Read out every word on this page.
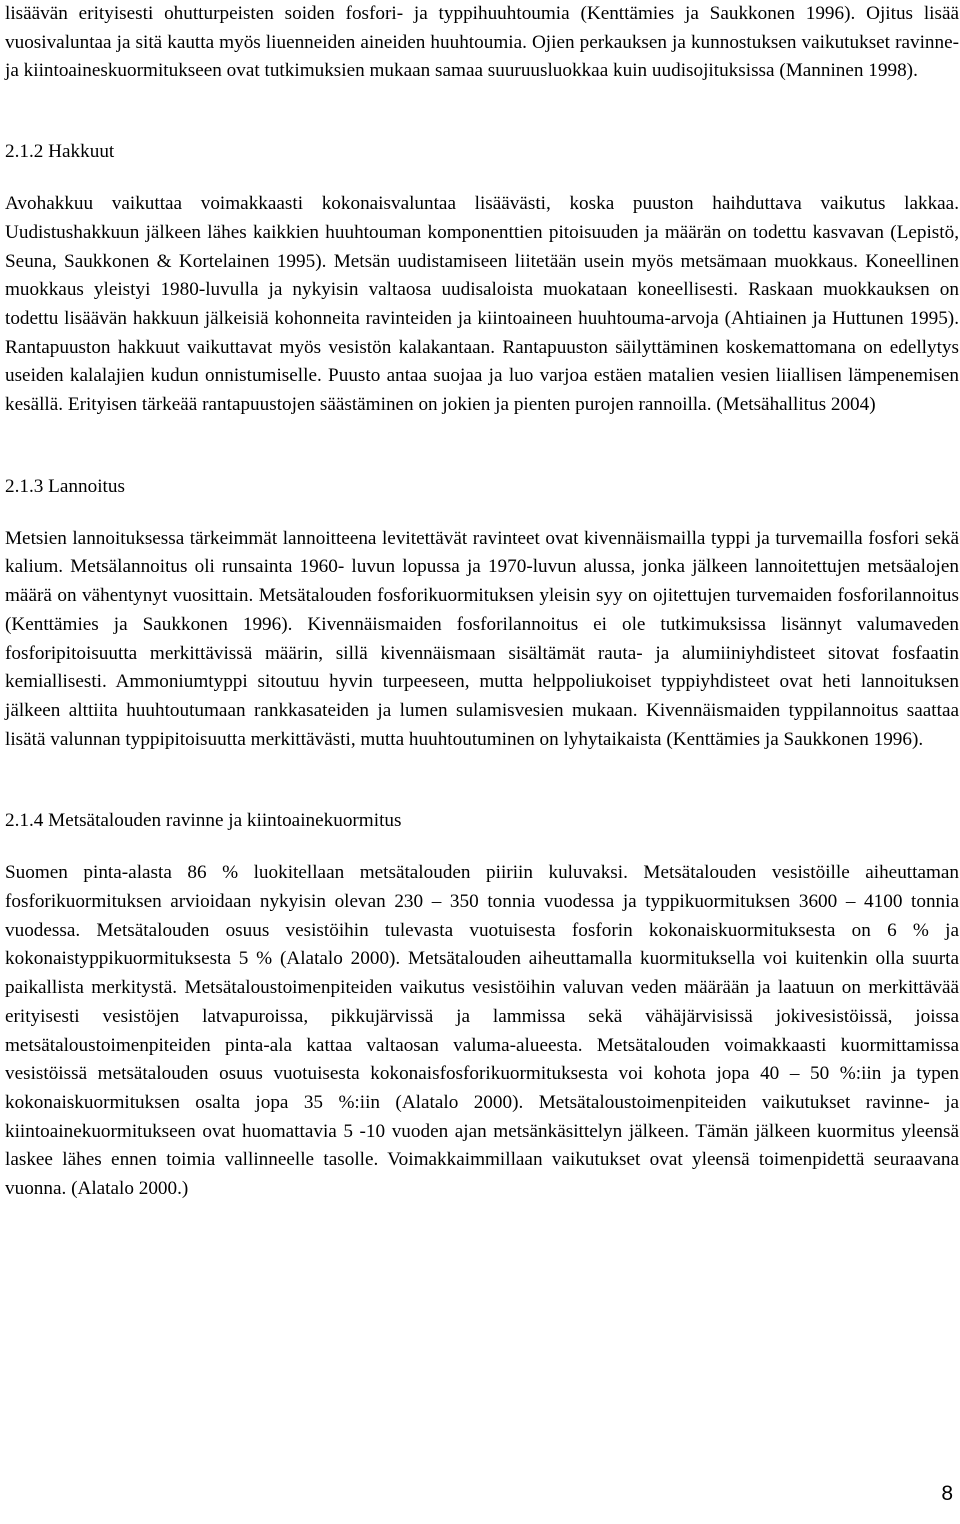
lisäävän erityisesti ohutturpeisten soiden fosfori- ja typpihuuhtoumia (Kenttämies ja Saukkonen 1996). Ojitus lisää vuosivaluntaa ja sitä kautta myös liuenneiden aineiden huuhtoumia. Ojien perkauksen ja kunnostuksen vaikutukset ravinne- ja kiintoaineskuormitukseen ovat tutkimuksien mukaan samaa suuruusluokkaa kuin uudisojituksissa (Manninen 1998).

2.1.2 Hakkuut

Avohakkuu vaikuttaa voimakkaasti kokonaisvaluntaa lisäävästi, koska puuston haihduttava vaikutus lakkaa. Uudistushakkuun jälkeen lähes kaikkien huuhtouman komponenttien pitoisuuden ja määrän on todettu kasvavan (Lepistö, Seuna, Saukkonen & Kortelainen 1995). Metsän uudistamiseen liitetään usein myös metsämaan muokkaus. Koneellinen muokkaus yleistyi 1980-luvulla ja nykyisin valtaosa uudisaloista muokataan koneellisesti. Raskaan muokkauksen on todettu lisäävän hakkuun jälkeisiä kohonneita ravinteiden ja kiintoaineen huuhtouma-arvoja (Ahtiainen ja Huttunen 1995). Rantapuuston hakkuut vaikuttavat myös vesistön kalakantaan. Rantapuuston säilyttäminen koskemattomana on edellytys useiden kalalajien kudun onnistumiselle. Puusto antaa suojaa ja luo varjoa estäen matalien vesien liiallisen lämpenemisen kesällä. Erityisen tärkeää rantapuustojen säästäminen on jokien ja pienten purojen rannoilla. (Metsähallitus 2004)

2.1.3 Lannoitus

Metsien lannoituksessa tärkeimmät lannoitteena levitettävät ravinteet ovat kivennäismailla typpi ja turvemailla fosfori sekä kalium. Metsälannoitus oli runsainta 1960- luvun lopussa ja 1970-luvun alussa, jonka jälkeen lannoitettujen metsäalojen määrä on vähentynyt vuosittain. Metsätalouden fosforikuormituksen yleisin syy on ojitettujen turvemaiden fosforilannoitus (Kenttämies ja Saukkonen 1996). Kivennäismaiden fosforilannoitus ei ole tutkimuksissa lisännyt valumaveden fosforipitoisuutta merkittävissä määrin, sillä kivennäismaan sisältämät rauta- ja alumiiniyhdisteet sitovat fosfaatin kemiallisesti. Ammoniumtyppi sitoutuu hyvin turpeeseen, mutta helppoliukoiset typpiyhdisteet ovat heti lannoituksen jälkeen alttiita huuhtoutumaan rankkasateiden ja lumen sulamisvesien mukaan. Kivennäismaiden typpilannoitus saattaa lisätä valunnan typpipitoisuutta merkittävästi, mutta huuhtoutuminen on lyhytaikaista (Kenttämies ja Saukkonen 1996).

2.1.4 Metsätalouden ravinne ja kiintoainekuormitus

Suomen pinta-alasta 86 % luokitellaan metsätalouden piiriin kuluvaksi. Metsätalouden vesistöille aiheuttaman fosforikuormituksen arvioidaan nykyisin olevan 230 – 350 tonnia vuodessa ja typpikuormituksen 3600 – 4100 tonnia vuodessa. Metsätalouden osuus vesistöihin tulevasta vuotuisesta fosforin kokonaiskuormituksesta on 6 % ja kokonaistyppikuormituksesta 5 % (Alatalo 2000). Metsätalouden aiheuttamalla kuormituksella voi kuitenkin olla suurta paikallista merkitystä. Metsätaloustoimenpiteiden vaikutus vesistöihin valuvan veden määrään ja laatuun on merkittävää erityisesti vesistöjen latvapuroissa, pikkujärvissä ja lammissa sekä vähäjärvisissä jokivesistöissä, joissa metsätaloustoimenpiteiden pinta-ala kattaa valtaosan valuma-alueesta. Metsätalouden voimakkaasti kuormittamissa vesistöissä metsätalouden osuus vuotuisesta kokonaisfosforikuormituksesta voi kohota jopa 40 – 50 %:iin ja typen kokonaiskuormituksen osalta jopa 35 %:iin (Alatalo 2000). Metsätaloustoimenpiteiden vaikutukset ravinne- ja kiintoainekuormitukseen ovat huomattavia 5 -10 vuoden ajan metsänkäsittelyn jälkeen. Tämän jälkeen kuormitus yleensä laskee lähes ennen toimia vallinneelle tasolle. Voimakkaimmillaan vaikutukset ovat yleensä toimenpidettä seuraavana vuonna. (Alatalo 2000.)

8
